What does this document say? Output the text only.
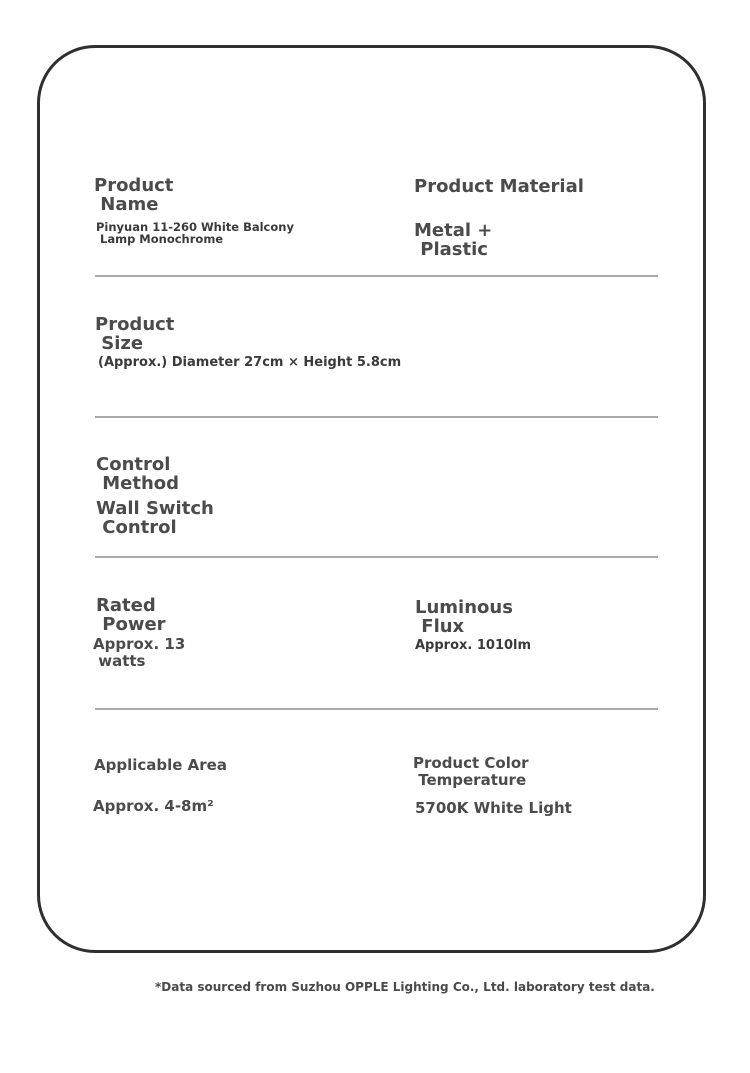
Product
Name
Pinyuan 11-260 White Balcony
Lamp Monochrome
Product Material
Metal +
Plastic
Product
Size
(Approx.) Diameter 27cm × Height 5.8cm
Control
Method
Wall Switch
Control
Rated
Power
Approx. 13
watts
Luminous
Flux
Approx. 1010lm
Applicable Area
Approx. 4-8m²
Product Color
Temperature
5700K White Light
*Data sourced from Suzhou OPPLE Lighting Co., Ltd. laboratory test data.
